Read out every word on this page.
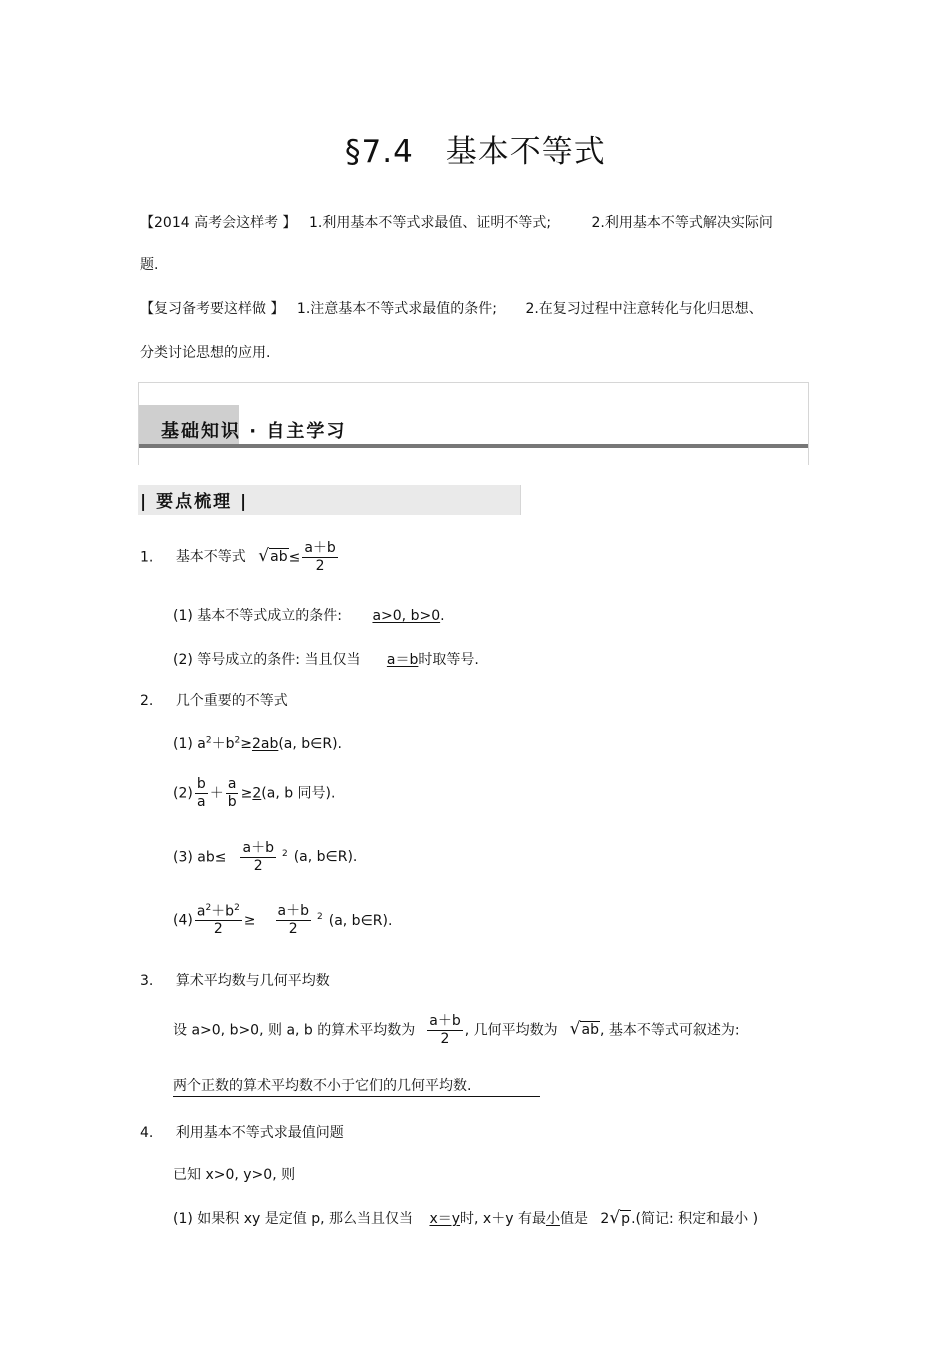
§7.4　基本不等式
【2014 高考会这样考 】 1.利用基本不等式求最值、证明不等式;	2.利用基本不等式解决实际问
题.
【复习备考要这样做 】 1.注意基本不等式求最值的条件; 2.在复习过程中注意转化与化归思想、
分类讨论思想的应用.
基础知识 · 自主学习
| 要点梳理 |
1. 基本不等式 √ ab ≤ $\frac{a+b}{2}$
(1) 基本不等式成立的条件: a>0, b>0.
(2) 等号成立的条件: 当且仅当 a＝b时取等号.
2. 几个重要的不等式
(1) $a^2+b^2\ge 2ab(a$, b∈R).
$(2) \frac{b}{a} + \frac{a}{b} \ge 2(a$, b 同号).
(3) $ab\le \frac{a+b}{2} ^2$ (a, b∈R).
$(4) \frac{a^2+b^2}{2} \ge \frac{a+b}{2} ^2$ (a, b∈R).
3. 算术平均数与几何平均数
设 a>0, b>0, 则 a, b 的算术平均数为 $\frac{a+b}{2}$ , 几何平均数为 √ ab , 基本不等式可叙述为:
两个正数的算术平均数不小于它们的几何平均数.
4. 利用基本不等式求最值问题
已知 x>0, y>0, 则
(1) 如果积 xy 是定值 p, 那么当且仅当 x＝y时, x＋y 有最小值是 2 √ p .(简记: 积定和最小 )
